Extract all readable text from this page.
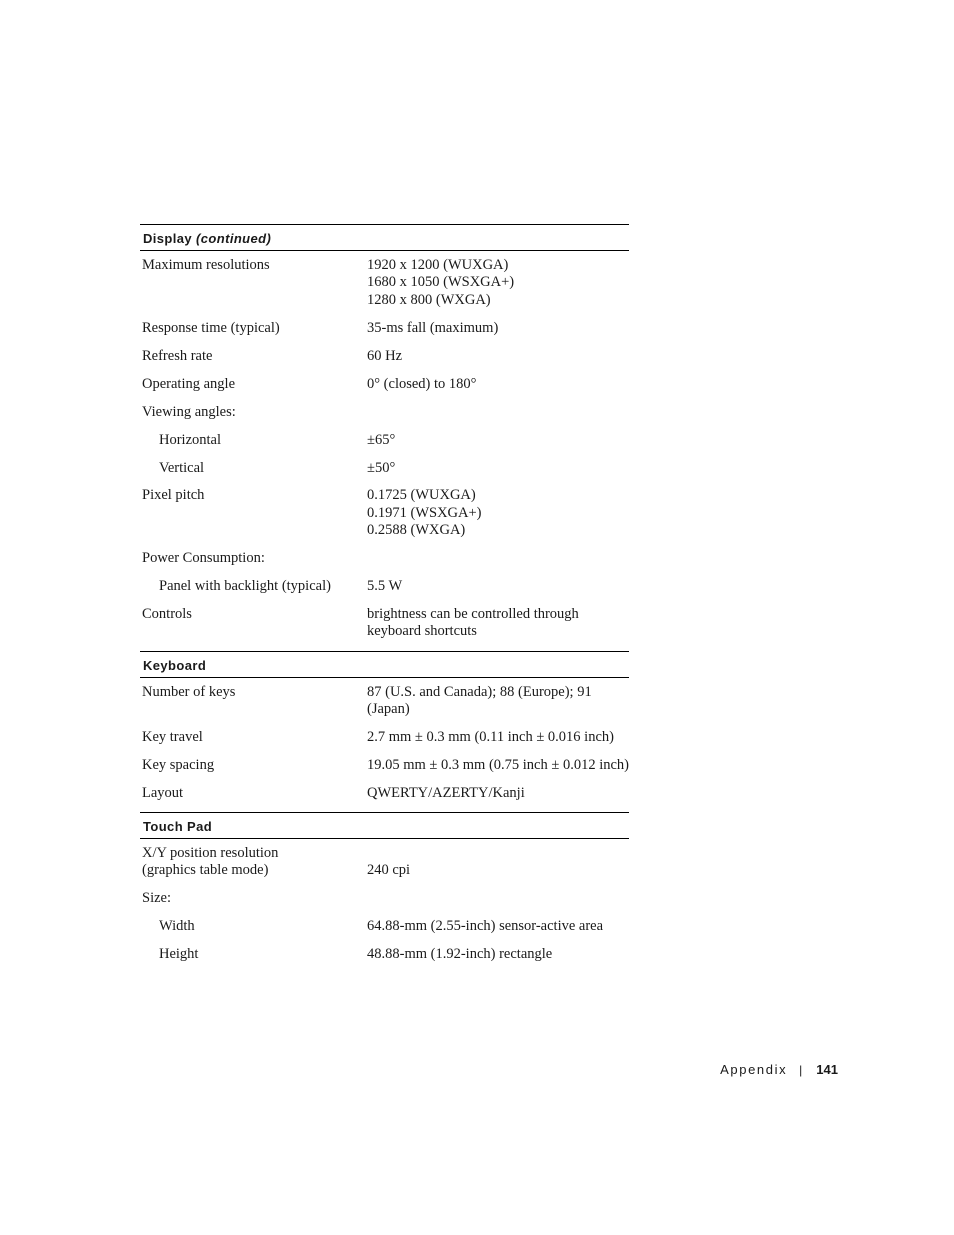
Display (continued)
Maximum resolutions	1920 x 1200 (WUXGA)
1680 x 1050 (WSXGA+)
1280 x 800 (WXGA)
Response time (typical)	35-ms fall (maximum)
Refresh rate	60 Hz
Operating angle	0° (closed) to 180°
Viewing angles:
Horizontal	±65°
Vertical	±50°
Pixel pitch	0.1725 (WUXGA)
0.1971 (WSXGA+)
0.2588 (WXGA)
Power Consumption:
Panel with backlight (typical)	5.5 W
Controls	brightness can be controlled through keyboard shortcuts
Keyboard
Number of keys	87 (U.S. and Canada); 88 (Europe); 91 (Japan)
Key travel	2.7 mm ± 0.3 mm (0.11 inch ± 0.016 inch)
Key spacing	19.05 mm ± 0.3 mm (0.75 inch ± 0.012 inch)
Layout	QWERTY/AZERTY/Kanji
Touch Pad
X/Y position resolution
(graphics table mode)	240 cpi
Size:
Width	64.88-mm (2.55-inch) sensor-active area
Height	48.88-mm (1.92-inch) rectangle
Appendix | 141
